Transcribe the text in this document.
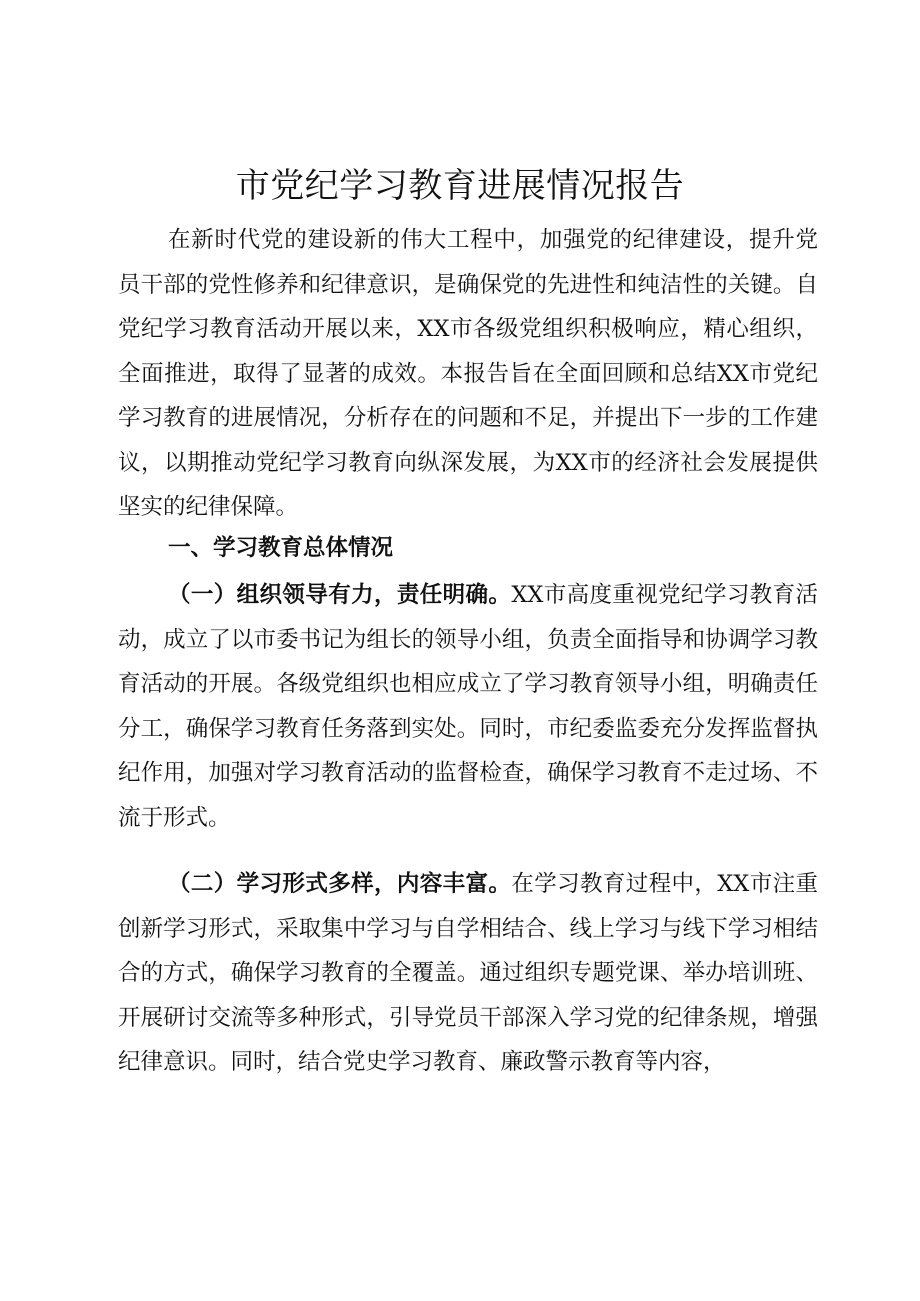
市党纪学习教育进展情况报告

在新时代党的建设新的伟大工程中，加强党的纪律建设，提升党员干部的党性修养和纪律意识，是确保党的先进性和纯洁性的关键。自党纪学习教育活动开展以来，XX市各级党组织积极响应，精心组织，全面推进，取得了显著的成效。本报告旨在全面回顾和总结XX市党纪学习教育的进展情况，分析存在的问题和不足，并提出下一步的工作建议，以期推动党纪学习教育向纵深发展，为XX市的经济社会发展提供坚实的纪律保障。

一、学习教育总体情况

（一）组织领导有力，责任明确。XX市高度重视党纪学习教育活动，成立了以市委书记为组长的领导小组，负责全面指导和协调学习教育活动的开展。各级党组织也相应成立了学习教育领导小组，明确责任分工，确保学习教育任务落到实处。同时，市纪委监委充分发挥监督执纪作用，加强对学习教育活动的监督检查，确保学习教育不走过场、不流于形式。

（二）学习形式多样，内容丰富。在学习教育过程中，XX市注重创新学习形式，采取集中学习与自学相结合、线上学习与线下学习相结合的方式，确保学习教育的全覆盖。通过组织专题党课、举办培训班、开展研讨交流等多种形式，引导党员干部深入学习党的纪律条规，增强纪律意识。同时，结合党史学习教育、廉政警示教育等内容，
